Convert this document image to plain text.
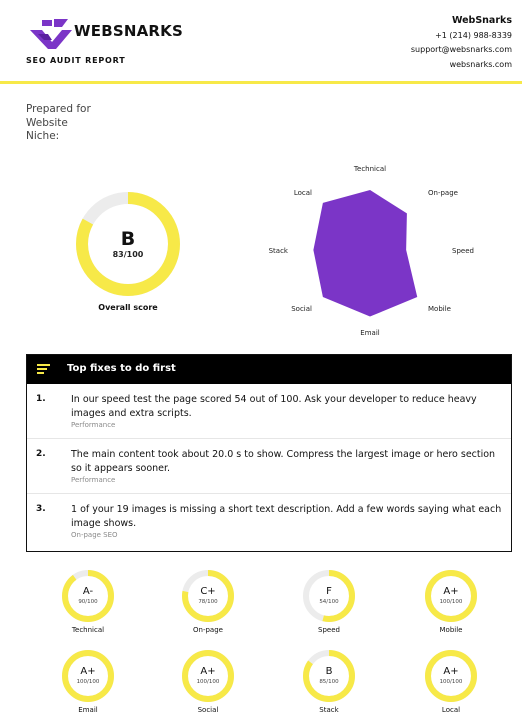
WEBSNARKS
SEO AUDIT REPORT
WebSnarks
+1 (214) 988-8339
support@websnarks.com
websnarks.com
Prepared for
Website
Niche:
B
83/100
Overall score
Technical
On-page
Speed
Mobile
Email
Social
Stack
Local
Top fixes to do first
1.	In our speed test the page scored 54 out of 100. Ask your developer to reduce heavy images and extra scripts.
Performance
2.	The main content took about 20.0 s to show. Compress the largest image or hero section so it appears sooner.
Performance
3.	1 of your 19 images is missing a short text description. Add a few words saying what each image shows.
On-page SEO
A-
90/100
Technical
C+
78/100
On-page
F
54/100
Speed
A+
100/100
Mobile
A+
100/100
Email
A+
100/100
Social
B
85/100
Stack
A+
100/100
Local
